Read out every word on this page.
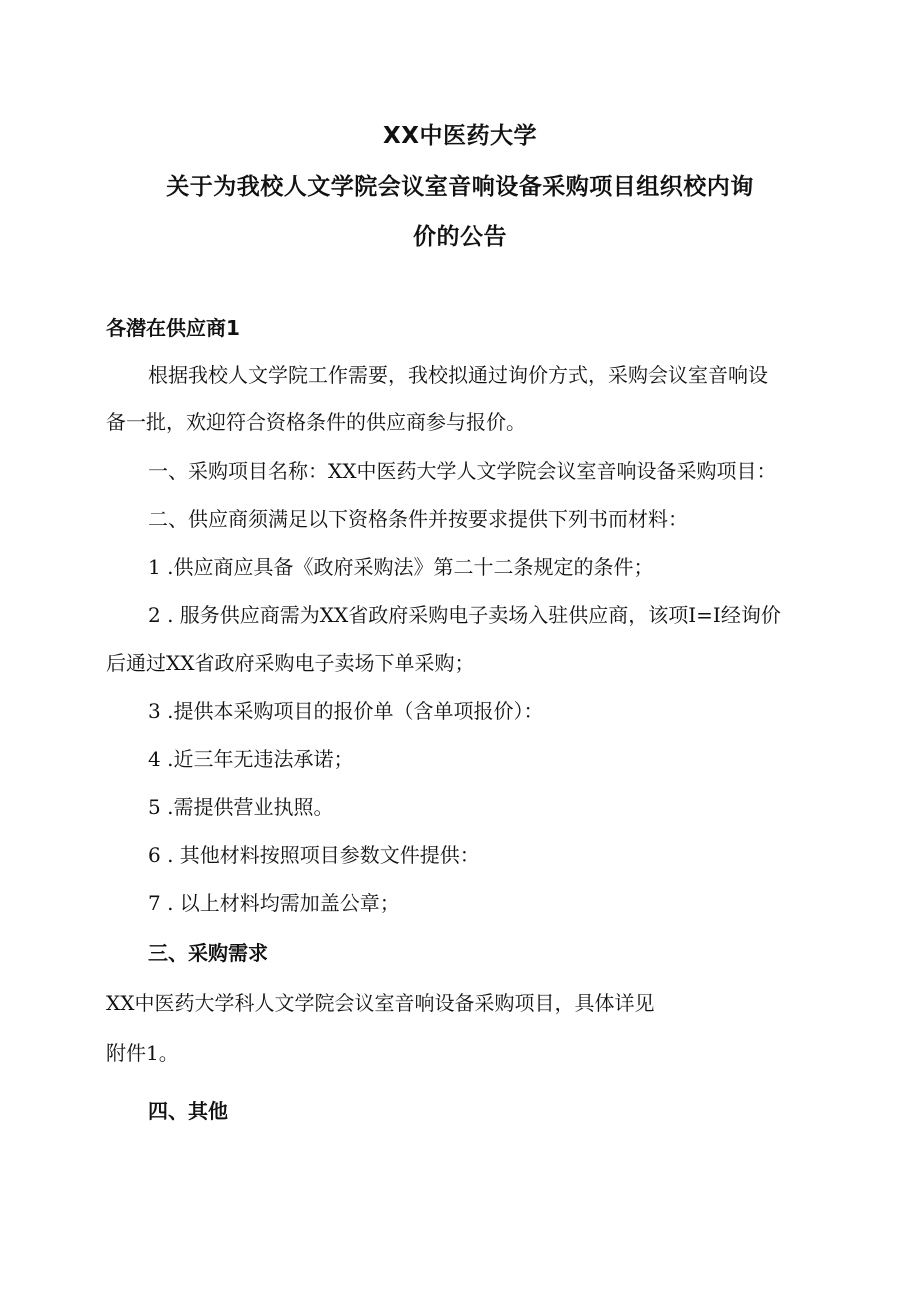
XX中医药大学
关于为我校人文学院会议室音响设备采购项目组织校内询
价的公告
各潜在供应商1
根据我校人文学院工作需要，我校拟通过询价方式，采购会议室音响设
备一批，欢迎符合资格条件的供应商参与报价。
一、采购项目名称：XX中医药大学人文学院会议室音响设备采购项目：
二、供应商须满足以下资格条件并按要求提供下列书而材料：
1 .供应商应具备《政府采购法》第二十二条规定的条件；
2 . 服务供应商需为XX省政府采购电子卖场入驻供应商，该项I=I经询价
后通过XX省政府采购电子卖场下单采购；
3 .提供本采购项目的报价单（含单项报价）：
4 .近三年无违法承诺；
5 .需提供营业执照。
6 . 其他材料按照项目参数文件提供：
7 . 以上材料均需加盖公章；
三、采购需求
XX中医药大学科人文学院会议室音响设备采购项目，具体详见
附件1。
四、其他
